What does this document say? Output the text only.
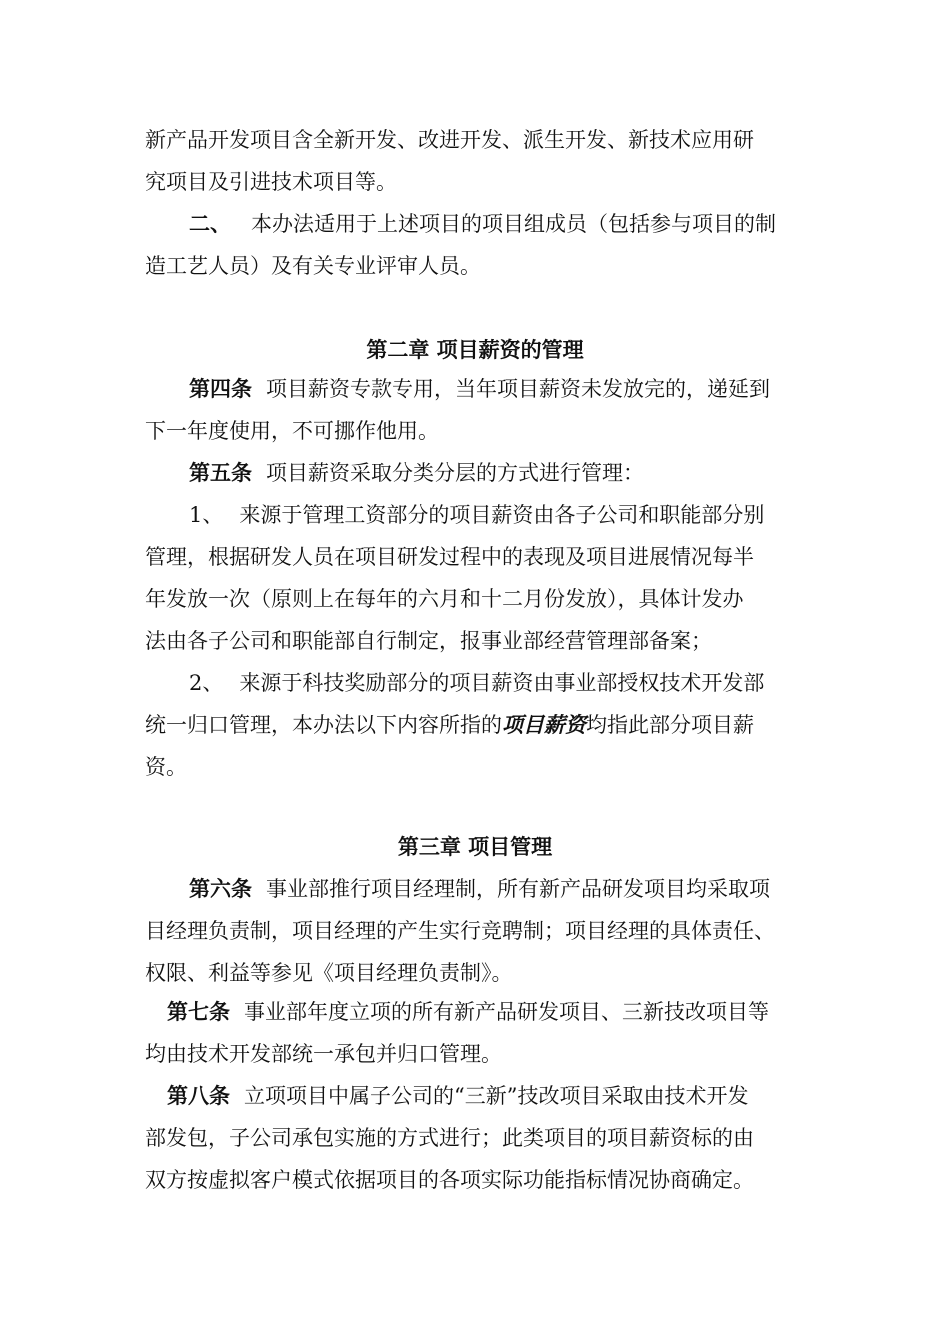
新产品开发项目含全新开发、改进开发、派生开发、新技术应用研
究项目及引进技术项目等。
二、 本办法适用于上述项目的项目组成员（包括参与项目的制
造工艺人员）及有关专业评审人员。
第二章 项目薪资的管理
第四条 项目薪资专款专用，当年项目薪资未发放完的，递延到
下一年度使用，不可挪作他用。
第五条 项目薪资采取分类分层的方式进行管理：
1、 来源于管理工资部分的项目薪资由各子公司和职能部分别
管理，根据研发人员在项目研发过程中的表现及项目进展情况每半
年发放一次（原则上在每年的六月和十二月份发放），具体计发办
法由各子公司和职能部自行制定，报事业部经营管理部备案；
2、 来源于科技奖励部分的项目薪资由事业部授权技术开发部
统一归口管理，本办法以下内容所指的项目薪资均指此部分项目薪
资。
第三章 项目管理
第六条 事业部推行项目经理制，所有新产品研发项目均采取项
目经理负责制，项目经理的产生实行竞聘制；项目经理的具体责任、
权限、利益等参见《项目经理负责制》。
第七条 事业部年度立项的所有新产品研发项目、三新技改项目等
均由技术开发部统一承包并归口管理。
第八条 立项项目中属子公司的“三新”技改项目采取由技术开发
部发包，子公司承包实施的方式进行；此类项目的项目薪资标的由
双方按虚拟客户模式依据项目的各项实际功能指标情况协商确定。
